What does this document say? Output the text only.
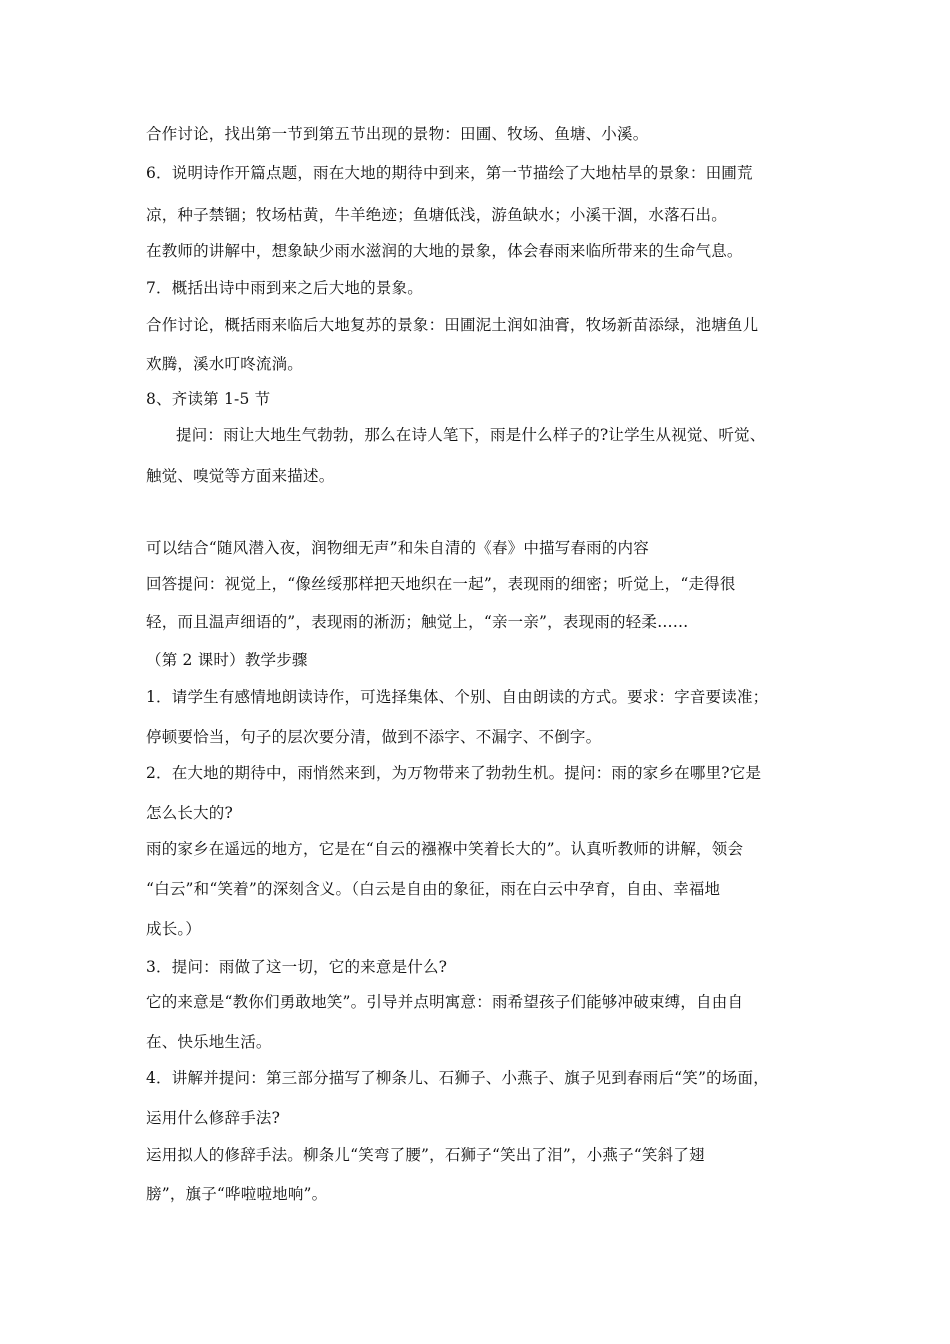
合作讨论，找出第一节到第五节出现的景物：田圃、牧场、鱼塘、小溪。
6．说明诗作开篇点题，雨在大地的期待中到来，第一节描绘了大地枯旱的景象：田圃荒
凉，种子禁锢；牧场枯黄，牛羊绝迹；鱼塘低浅，游鱼缺水；小溪干涸，水落石出。
在教师的讲解中，想象缺少雨水滋润的大地的景象，体会春雨来临所带来的生命气息。
7．概括出诗中雨到来之后大地的景象。
合作讨论，概括雨来临后大地复苏的景象：田圃泥土润如油膏，牧场新苗添绿，池塘鱼儿
欢腾，溪水叮咚流淌。
8、齐读第 1-5 节
提问：雨让大地生气勃勃，那么在诗人笔下，雨是什么样子的?让学生从视觉、听觉、
触觉、嗅觉等方面来描述。
可以结合“随风潜入夜，润物细无声”和朱自清的《春》中描写春雨的内容
回答提问：视觉上，“像丝绥那样把天地织在一起”，表现雨的细密；听觉上，“走得很
轻，而且温声细语的”，表现雨的淅沥；触觉上，“亲一亲”，表现雨的轻柔……
（第 2 课时）教学步骤
1．请学生有感情地朗读诗作，可选择集体、个别、自由朗读的方式。要求：字音要读准；
停顿要恰当，句子的层次要分清，做到不添字、不漏字、不倒字。
2．在大地的期待中，雨悄然来到，为万物带来了勃勃生机。提问：雨的家乡在哪里?它是
怎么长大的?
雨的家乡在遥远的地方，它是在“自云的襁褓中笑着长大的”。认真听教师的讲解，领会
“白云”和“笑着”的深刻含义。（白云是自由的象征，雨在白云中孕育，自由、幸福地
成长。）
3．提问：雨做了这一切，它的来意是什么?
它的来意是“教你们勇敢地笑”。引导并点明寓意：雨希望孩子们能够冲破束缚，自由自
在、快乐地生活。
4．讲解并提问：第三部分描写了柳条儿、石狮子、小燕子、旗子见到春雨后“笑”的场面，
运用什么修辞手法?
运用拟人的修辞手法。柳条儿“笑弯了腰”，石狮子“笑出了泪”，小燕子“笑斜了翅
膀”，旗子“哗啦啦地响”。
